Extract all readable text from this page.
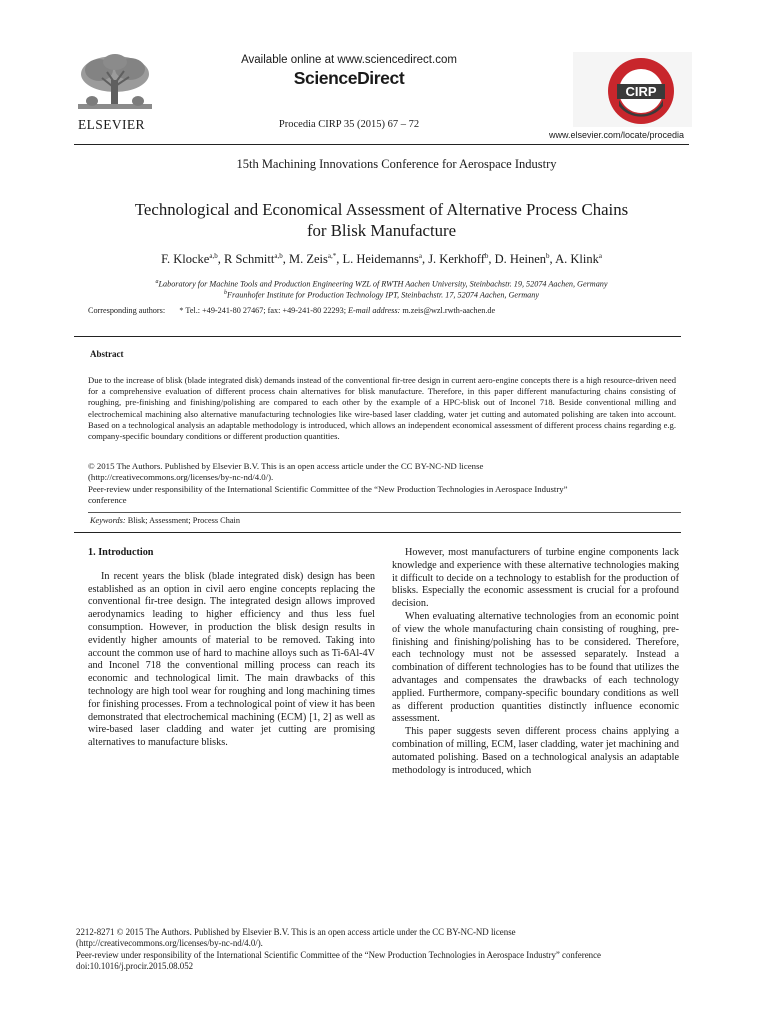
ELSEVIER
Available online at www.sciencedirect.com
ScienceDirect
Procedia CIRP 35 (2015) 67 – 72
CIRP
www.elsevier.com/locate/procedia
15th Machining Innovations Conference for Aerospace Industry
Technological and Economical Assessment of Alternative Process Chains
for Blisk Manufacture
F. Klocke$^{a,b}$, R Schmitt$^{a,b}$, M. Zeis$^{a,*}$, L. Heidemanns$^a$, J. Kerkhoff$^b$, D. Heinen$^b$, A. Klink$^a$
$^a$Laboratory for Machine Tools and Production Engineering WZL of RWTH Aachen University, Steinbachstr. 19, 52074 Aachen, Germany
$^b$Fraunhofer Institute for Production Technology IPT, Steinbachstr. 17, 52074 Aachen, Germany
Corresponding authors: * Tel.: +49-241-80 27467; fax: +49-241-80 22293; E-mail address: m.zeis@wzl.rwth-aachen.de
Abstract
Due to the increase of blisk (blade integrated disk) demands instead of the conventional fir-tree design in current aero-engine concepts there is a high resource-driven need for a comprehensive evaluation of different process chain alternatives for blisk manufacture. Therefore, in this paper different manufacturing chains consisting of roughing, pre-finishing and finishing/polishing are compared to each other by the example of a HPC-blisk out of Inconel 718. Beside conventional milling and electrochemical machining also alternative manufacturing technologies like wire-based laser cladding, water jet cutting and automated polishing are taken into account. Based on a technological analysis an adaptable methodology is introduced, which allows an independent economical assessment of different process chains regarding e.g. company-specific boundary conditions or different production quantities.
© 2015 The Authors. Published by Elsevier B.V. This is an open access article under the CC BY-NC-ND license
(http://creativecommons.org/licenses/by-nc-nd/4.0/).
Peer-review under responsibility of the International Scientific Committee of the “New Production Technologies in Aerospace Industry”
conference
Keywords: Blisk; Assessment; Process Chain
1. Introduction

In recent years the blisk (blade integrated disk) design has been established as an option in civil aero engine concepts replacing the conventional fir-tree design. The integrated design allows improved aerodynamics leading to higher efficiency and thus less fuel consumption. However, in production the blisk design results in evidently higher amounts of material to be removed. Taking into account the common use of hard to machine alloys such as Ti-6Al-4V and Inconel 718 the conventional milling process can reach its economic and technological limit. The main drawbacks of this technology are high tool wear for roughing and long machining times for finishing processes. From a technological point of view it has been demonstrated that electrochemical machining (ECM) [1, 2] as well as wire-based laser cladding and water jet cutting are promising alternatives to manufacture blisks.

However, most manufacturers of turbine engine components lack knowledge and experience with these alternative technologies making it difficult to decide on a technology to establish for the production of blisks. Especially the economic assessment is crucial for a profound decision.

When evaluating alternative technologies from an economic point of view the whole manufacturing chain consisting of roughing, pre-finishing and finishing/polishing has to be considered. Therefore, each technology must not be assessed separately. Instead a combination of different technologies has to be found that utilizes the advantages and compensates the drawbacks of each technology applied. Furthermore, company-specific boundary conditions as well as different production quantities distinctly influence economic assessment.

This paper suggests seven different process chains applying a combination of milling, ECM, laser cladding, water jet machining and automated polishing. Based on a technological analysis an adaptable methodology is introduced, which

2212-8271 © 2015 The Authors. Published by Elsevier B.V. This is an open access article under the CC BY-NC-ND license
(http://creativecommons.org/licenses/by-nc-nd/4.0/).
Peer-review under responsibility of the International Scientific Committee of the “New Production Technologies in Aerospace Industry” conference
doi:10.1016/j.procir.2015.08.052
